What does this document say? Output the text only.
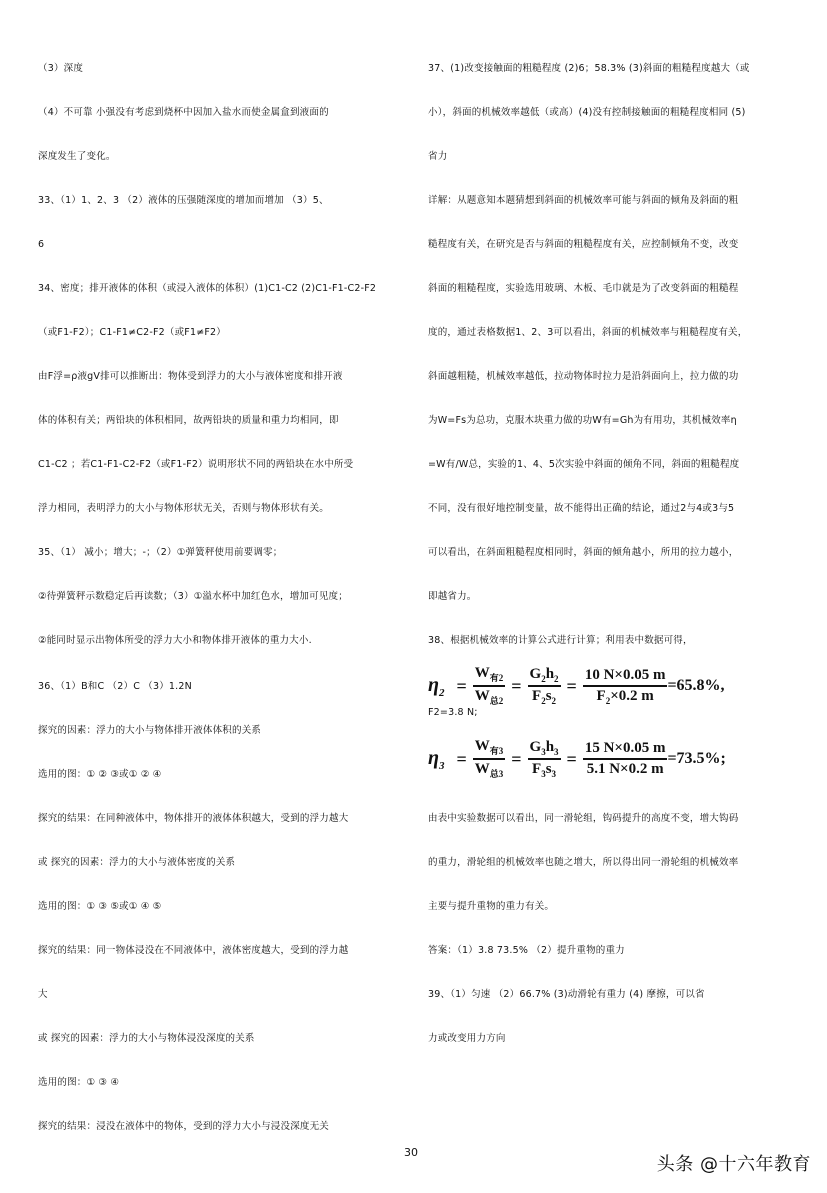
（3）深度
（4）不可靠 小强没有考虑到烧杯中因加入盐水而使金属盒到液面的
深度发生了变化。
33、（1）1、2、3 （2）液体的压强随深度的增加而增加 （3）5、
6
34、密度；排开液体的体积（或浸入液体的体积）(1)C1-C2 (2)C1-F1-C2-F2
（或F1-F2）；C1-F1≠C2-F2（或F1≠F2）
由F浮=ρ液gV排可以推断出：物体受到浮力的大小与液体密度和排开液
体的体积有关；两铅块的体积相同，故两铅块的质量和重力均相同，即
C1-C2 ；若C1-F1-C2-F2（或F1-F2）说明形状不同的两铅块在水中所受
浮力相同，表明浮力的大小与物体形状无关，否则与物体形状有关。
35、（1） 减小；增大；-；（2）①弹簧秤使用前要调零；
②待弹簧秤示数稳定后再读数；（3）①溢水杯中加红色水，增加可见度；
②能同时显示出物体所受的浮力大小和物体排开液体的重力大小.
36、（1）B和C （2）C （3）1.2N
探究的因素：浮力的大小与物体排开液体体积的关系
选用的图：① ② ③或① ② ④
探究的结果：在同种液体中，物体排开的液体体积越大，受到的浮力越大
或 探究的因素：浮力的大小与液体密度的关系
选用的图：① ③ ⑤或① ④ ⑤
探究的结果：同一物体浸没在不同液体中，液体密度越大，受到的浮力越
大
或 探究的因素：浮力的大小与物体浸没深度的关系
选用的图：① ③ ④
探究的结果：浸没在液体中的物体，受到的浮力大小与浸没深度无关
37、(1)改变接触面的粗糙程度 (2)6；58.3% (3)斜面的粗糙程度越大（或
小），斜面的机械效率越低（或高）(4)没有控制接触面的粗糙程度相同 (5)
省力
详解：从题意知本题猜想到斜面的机械效率可能与斜面的倾角及斜面的粗
糙程度有关，在研究是否与斜面的粗糙程度有关，应控制倾角不变，改变
斜面的粗糙程度，实验选用玻璃、木板、毛巾就是为了改变斜面的粗糙程
度的，通过表格数据1、2、3可以看出，斜面的机械效率与粗糙程度有关，
斜面越粗糙，机械效率越低，拉动物体时拉力是沿斜面向上，拉力做的功
为W=Fs为总功，克服木块重力做的功W有=Gh为有用功，其机械效率η
=W有/W总，实验的1、4、5次实验中斜面的倾角不同，斜面的粗糙程度
不同，没有很好地控制变量，故不能得出正确的结论，通过2与4或3与5
可以看出，在斜面粗糙程度相同时，斜面的倾角越小，所用的拉力越小，
即越省力。
38、根据机械效率的计算公式进行计算；利用表中数据可得，
$\eta_2 = \frac{W_{有2}}{W_{总2}} = \frac{G_2h_2}{F_2s_2} = \frac{10 N\times 0.05 m}{F_2\times 0.2 m} =65.8\%$,
F2=3.8 N;
$\eta_3 = \frac{W_{有3}}{W_{总3}} = \frac{G_3h_3}{F_3s_3} = \frac{15 N\times 0.05 m}{5.1 N\times 0.2 m} =73.5\%$;
由表中实验数据可以看出，同一滑轮组，钩码提升的高度不变，增大钩码
的重力，滑轮组的机械效率也随之增大，所以得出同一滑轮组的机械效率
主要与提升重物的重力有关。
答案：（1）3.8 73.5% （2）提升重物的重力
39、（1）匀速 （2）66.7% (3)动滑轮有重力 (4) 摩擦，可以省
力或改变用力方向
30
头条 @十六年教育
